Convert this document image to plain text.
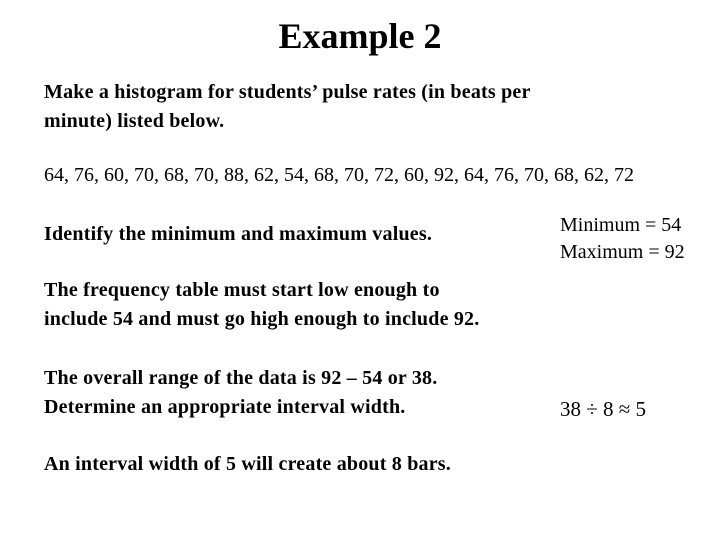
Example 2
Make a histogram for students’ pulse rates (in beats per
minute) listed below.
64, 76, 60, 70, 68, 70, 88, 62, 54, 68, 70, 72, 60, 92, 64, 76, 70, 68, 62, 72
Identify the minimum and maximum values.	Minimum = 54
Maximum = 92
The frequency table must start low enough to
include 54 and must go high enough to include 92.
The overall range of the data is 92 – 54 or 38.
Determine an appropriate interval width.	38 ÷ 8 ≈ 5
An interval width of 5 will create about 8 bars.
